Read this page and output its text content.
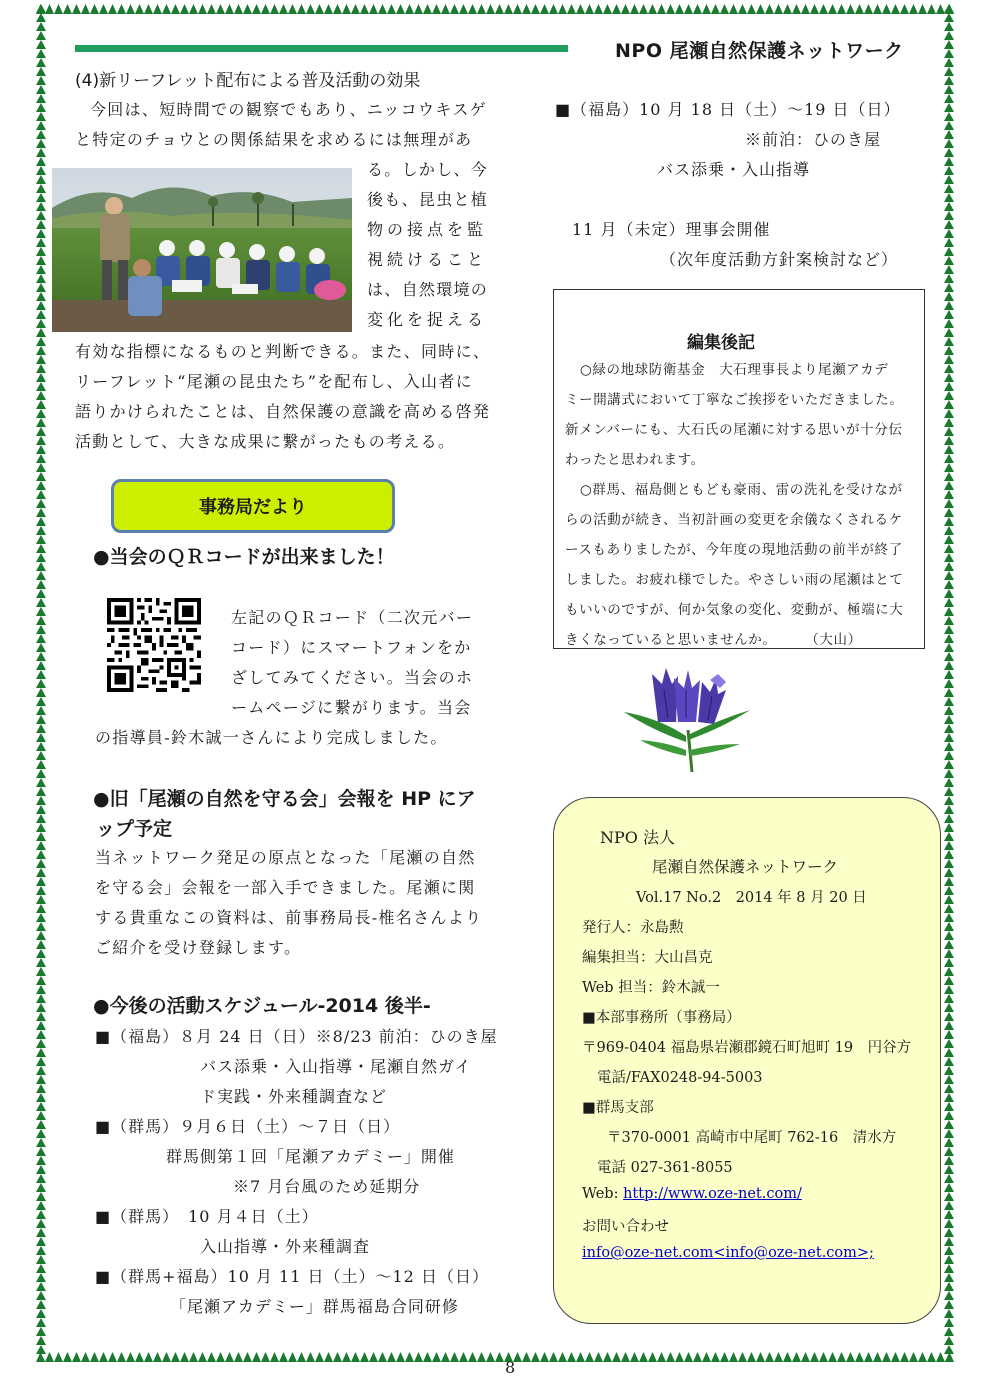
NPO 尾瀬自然保護ネットワーク
(4)新リーフレット配布による普及活動の効果
今回は、短時間での観察でもあり、ニッコウキスゲ
と特定のチョウとの関係結果を求めるには無理があ
る。しかし、今
後も、昆虫と植
物の接点を監
視続けること
は、自然環境の
変化を捉える
有効な指標になるものと判断できる。また、同時に、
リーフレット“尾瀬の昆虫たち”を配布し、入山者に
語りかけられたことは、自然保護の意識を高める啓発
活動として、大きな成果に繋がったもの考える。
事務局だより
●当会のＱＲコードが出来ました！
左記のＱＲコード（二次元バー
コード）にスマートフォンをか
ざしてみてください。当会のホ
ームページに繋がります。当会
の指導員-鈴木誠一さんにより完成しました。
●旧「尾瀬の自然を守る会」会報を HP にア
ップ予定
当ネットワーク発足の原点となった「尾瀬の自然
を守る会」会報を一部入手できました。尾瀬に関
する貴重なこの資料は、前事務局長-椎名さんより
ご紹介を受け登録します。
●今後の活動スケジュール-2014 後半-
■（福島）８月 24 日（日）※8/23 前泊：ひのき屋
バス添乗・入山指導・尾瀬自然ガイ
ド実践・外来種調査など
■（群馬）９月６日（土）〜７日（日）
群馬側第１回「尾瀬アカデミー」開催
※7 月台風のため延期分
■（群馬）　10 月４日（土）
入山指導・外来種調査
■（群馬+福島）10 月 11 日（土）〜12 日（日）
「尾瀬アカデミー」群馬福島合同研修
■（福島）10 月 18 日（土）〜19 日（日）
※前泊：ひのき屋
バス添乗・入山指導
11 月（未定）理事会開催
（次年度活動方針案検討など）
編集後記
○緑の地球防衛基金　大石理事長より尾瀬アカデ
ミー開講式において丁寧なご挨拶をいただきました。
新メンバーにも、大石氏の尾瀬に対する思いが十分伝
わったと思われます。
○群馬、福島側ともども豪雨、雷の洗礼を受けなが
らの活動が続き、当初計画の変更を余儀なくされるケ
ースもありましたが、今年度の現地活動の前半が終了
しました。お疲れ様でした。やさしい雨の尾瀬はとて
もいいのですが、何か気象の変化、変動が、極端に大
きくなっていると思いませんか。　　　（大山）
NPO 法人
尾瀬自然保護ネットワーク
Vol.17 No.2　2014 年 8 月 20 日
発行人：永島勲
編集担当：大山昌克
Web 担当：鈴木誠一
■本部事務所（事務局）
〒969-0404 福島県岩瀬郡鏡石町旭町 19　円谷方
電話/FAX0248-94-5003
■群馬支部
〒370-0001 高崎市中尾町 762-16　清水方
電話 027-361-8055
Web: http://www.oze-net.com/
お問い合わせ
info@oze-net.com<info@oze-net.com>;
8
